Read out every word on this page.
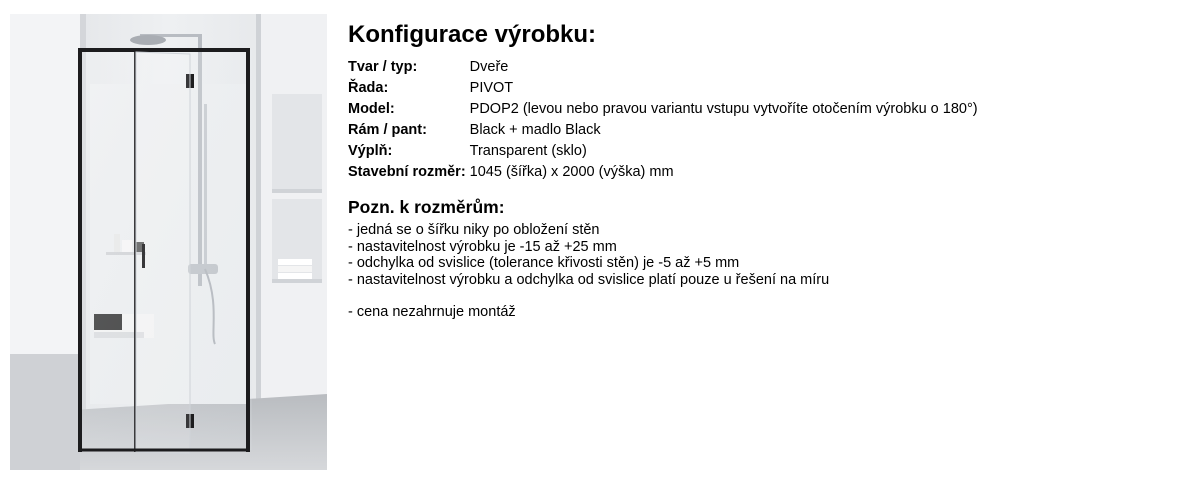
Konfigurace výrobku:
Tvar / typ:	Dveře
Řada:	PIVOT
Model:	PDOP2 (levou nebo pravou variantu vstupu vytvoříte otočením výrobku o 180°)
Rám / pant:	Black + madlo Black
Výplň:	Transparent (sklo)
Stavební rozměr:	1045 (šířka) x 2000 (výška) mm
Pozn. k rozměrům:
- jedná se o šířku niky po obložení stěn
- nastavitelnost výrobku je -15 až +25 mm
- odchylka od svislice (tolerance křivosti stěn) je -5 až +5 mm
- nastavitelnost výrobku a odchylka od svislice platí pouze u řešení na míru
- cena nezahrnuje montáž
